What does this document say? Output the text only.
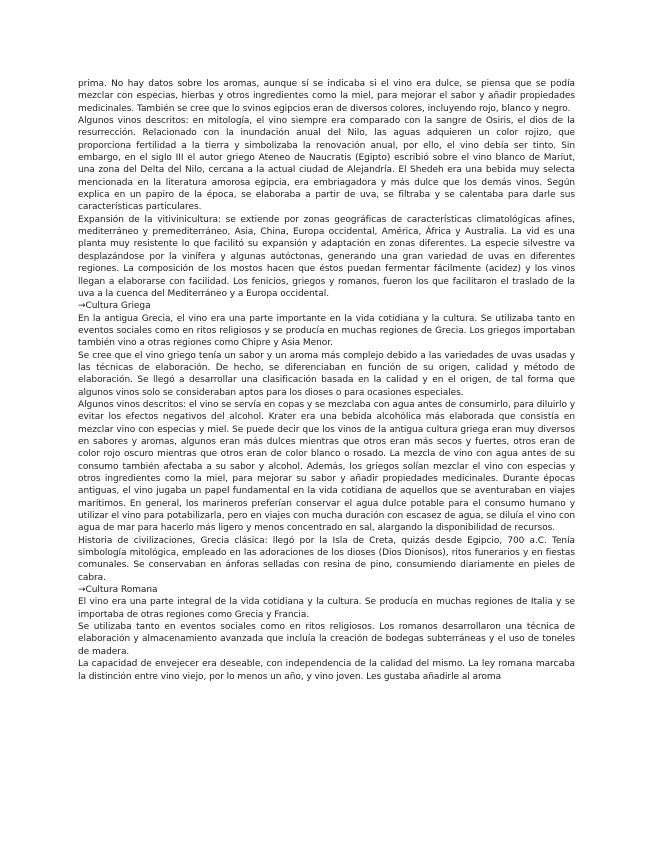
prima. No hay datos sobre los aromas, aunque sí se indicaba si el vino era dulce, se piensa que se podía mezclar con especias, hierbas y otros ingredientes como la miel, para mejorar el sabor y añadir propiedades medicinales. También se cree que lo svinos egipcios eran de diversos colores, incluyendo rojo, blanco y negro.

Algunos vinos descritos: en mitología, el vino siempre era comparado con la sangre de Osiris, el dios de la resurrección. Relacionado con la inundación anual del Nilo, las aguas adquieren un color rojizo, que proporciona fertilidad a la tierra y simbolizaba la renovación anual, por ello, el vino debía ser tinto. Sin embargo, en el siglo III el autor griego Ateneo de Naucratis (Egipto) escribió sobre el vino blanco de Mariut, una zona del Delta del Nilo, cercana a la actual ciudad de Alejandría. El Shedeh era una bebida muy selecta mencionada en la literatura amorosa egipcia, era embriagadora y más dulce que los demás vinos. Según explica en un papiro de la época, se elaboraba a partir de uva, se filtraba y se calentaba para darle sus características particulares.

Expansión de la vitivinicultura: se extiende por zonas geográficas de características climatológicas afines, mediterráneo y premediterráneo, Asia, China, Europa occidental, América, África y Australia. La vid es una planta muy resistente lo que facilitó su expansión y adaptación en zonas diferentes. La especie silvestre va desplazándose por la vinífera y algunas autóctonas, generando una gran variedad de uvas en diferentes regiones. La composición de los mostos hacen que éstos puedan fermentar fácilmente (acidez) y los vinos llegan a elaborarse con facilidad. Los fenicios, griegos y romanos, fueron los que facilitaron el traslado de la uva a la cuenca del Mediterráneo y a Europa occidental.

→Cultura Griega

En la antigua Grecia, el vino era una parte importante en la vida cotidiana y la cultura. Se utilizaba tanto en eventos sociales como en ritos religiosos y se producía en muchas regiones de Grecia. Los griegos importaban también vino a otras regiones como Chipre y Asia Menor.

Se cree que el vino griego tenía un sabor y un aroma más complejo debido a las variedades de uvas usadas y las técnicas de elaboración. De hecho, se diferenciaban en función de su origen, calidad y método de elaboración. Se llegó a desarrollar una clasificación basada en la calidad y en el origen, de tal forma que algunos vinos solo se consideraban aptos para los dioses o para ocasiones especiales.

Algunos vinos descritos: el vino se servía en copas y se mezclaba con agua antes de consumirlo, para diluirlo y evitar los efectos negativos del alcohol. Krater era una bebida alcohólica más elaborada que consistía en mezclar vino con especias y miel. Se puede decir que los vinos de la antigua cultura griega eran muy diversos en sabores y aromas, algunos eran más dulces mientras que otros eran más secos y fuertes, otros eran de color rojo oscuro mientras que otros eran de color blanco o rosado. La mezcla de vino con agua antes de su consumo también afectaba a su sabor y alcohol. Además, los griegos solían mezclar el vino con especias y otros ingredientes como la miel, para mejorar su sabor y añadir propiedades medicinales. Durante épocas antiguas, el vino jugaba un papel fundamental en la vida cotidiana de aquellos que se aventuraban en viajes marítimos. En general, los marineros preferían conservar el agua dulce potable para el consumo humano y utilizar el vino para potabilizarla, pero en viajes con mucha duración con escasez de agua, se diluía el vino con agua de mar para hacerlo más ligero y menos concentrado en sal, alargando la disponibilidad de recursos.

Historia de civilizaciones, Grecia clásica: llegó por la Isla de Creta, quizás desde Egipcio, 700 a.C. Tenía simbología mitológica, empleado en las adoraciones de los dioses (Dios Dionisos), ritos funerarios y en fiestas comunales. Se conservaban en ánforas selladas con resina de pino, consumiendo diariamente en pieles de cabra.

→Cultura Romana

El vino era una parte integral de la vida cotidiana y la cultura. Se producía en muchas regiones de Italia y se importaba de otras regiones como Grecia y Francia.

Se utilizaba tanto en eventos sociales como en ritos religiosos. Los romanos desarrollaron una técnica de elaboración y almacenamiento avanzada que incluía la creación de bodegas subterráneas y el uso de toneles de madera.

La capacidad de envejecer era deseable, con independencia de la calidad del mismo. La ley romana marcaba la distinción entre vino viejo, por lo menos un año, y vino joven. Les gustaba añadirle al aroma
